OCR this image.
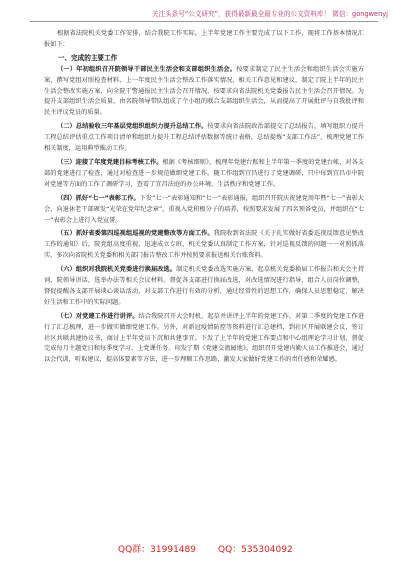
关注头条号“公文研究”，获得最新最全最专业的公文资料库！ 微信：gongwenyj

根据省法院机关党委工作安排，结合我院工作实际，上半年党建工作主要完成了以下工作，现将工作基本情况汇报如下：

一、完成的主要工作

（一）年初组织召开院领导干部民主生活会和支部组织生活会。按要求制定了民主生活会和组织生活会实施方案，撰写党组对照检查材料、上一年度民主生活会整改工作落实情况、相关工作意见和建议，制定了院上半年的民主生活会整改实施方案，向全院干警通报民主生活会召开情况，按要求向省法院机关党委报告民主生活会召开情况。为提升支部组织生活会质量，由名院领导带队组成了个小组的联合支部组织生活会，从而提高了开展批评与自我批评和民主评议党员的质量。

（二）总结验收三年基层党组织组织力提升总结工作。按要求向省法院政治部提交了总结报告，填写组织力提升工程总结评估重点工作项目清单和组织力提升工程总结评估数据等统计表格，总结提炼“支部工作法”，梳理党建工作相关制度，运用典型推动工作。

（三）迎接了年度党建目标考核工作。根据《考核细则》，梳理年党建台账和上半年第一季度的党建台帐，对各支部的党建进行了检查，通过对检查进一步规范做细党建工作。随工作组到宜昌进行了党建调研，只中每到宜昌市中院对党建等方面的工作了调研学习，查看了宜昌法庭的办公环境、生活秩序和党建工作。

（四）抓好“七一”表彰工作。下发“七一”表彰通知和“七一”表彰通报，组织召开院庆祝建党周年暨“七一”表彰大会，向退休老干部颁发“光荣在党年纪念章”，重视入党积极分子的培养，按照要求发展了四名预备党员，并组织在“七一”表彰会上进行入党宣誓。

（五）抓好省委第四巡视组巡视的党建整改等方面工作。我院收到省法院《关于扎实做好省委巡视反馈意见整改工作的通知》后，院党组高度重视，迅速成立专班，机关党委认真制定工作方案，针对巡视反馈的问题一一对照抓落实，多次向省院机关党委和相关部门报告整改工作并按照要求报送相关台账资料。

（六）组织对我院机关党委进行换届改选。制定机关党委改选实施方案，起草机关党委换届工作报告和大会主持词，院领导讲话，选举办法等相关会议材料。督促各支部进行换届改选，对改选情况进行指导，组合人员岗位调整，督促提醒各支部开展谈心谈话活动，对支部工作进行有效的分析，通过经常性的思想工作，确保人员思想稳定，解决好生活和工作中的实际问题。

（七）对党建工作进行讲评。结合我院召开大会时机，起草并讲评上半年的党建工作，对第二季度的党建工作进行了汇总梳理，进一步做实做细党建工作。另外，对新冠疫情防控等资料进行汇总建档，到社区开展联建会议，签订社区共联共建协议书，商讨上半年党员下沉和共建事宜。下发了上半年的党建工作要点和中心组理论学习计划，督促完成每月主题党日和每季度学习、上党课任务。印发了期《党建交流园地》，组织召开党建内勤人员工作推进会，通过以会代训，听取建议，提高体要素等方法，进一步理顺工作思路，激发大家做好党建工作的责任感和荣耀感。

QQ群：31991489 QQ：535304092
